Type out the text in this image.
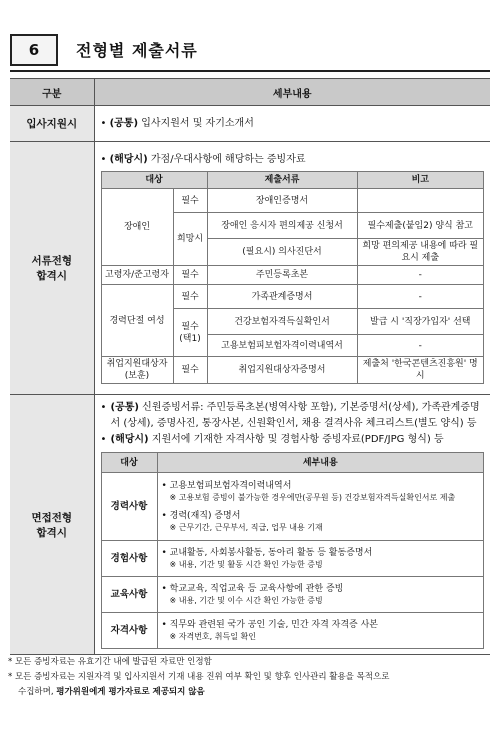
6	전형별 제출서류
구분	세부내용
입사지원시	• (공통) 입사지원서 및 자기소개서

서류전형
합격시

• (해당시) 가점/우대사항에 해당하는 증빙자료
대상	제출서류	비고
장애인	필수	장애인증명서	
희망시	장애인 응시자 편의제공 신청서	필수제출(붙임2) 양식 참고
(필요시) 의사진단서	희망 편의제공 내용에 따라 필요시 제출
고령자/준고령자	필수	주민등록초본	-
경력단절 여성	필수	가족관계증명서	-
필수 (택1)	건강보험자격득실확인서	발급 시 '직장가입자' 선택
고용보험피보험자격이력내역서	-
취업지원대상자 (보훈)	필수	취업지원대상자증명서	제출처 '한국콘텐츠진흥원' 명시

면접전형
합격시

• (공통) 신원증빙서류: 주민등록초본(병역사항 포함), 기본증명서(상세), 가족관계증명서 (상세), 증명사진, 통장사본, 신원확인서, 채용 결격사유 체크리스트(별도 양식) 등
• (해당시) 지원서에 기재한 자격사항 및 경험사항 증빙자료(PDF/JPG 형식) 등
대상	세부내용
경력사항	
• 고용보험피보험자격이력내역서
※ 고용보험 증빙이 불가능한 경우에만(공무원 등) 건강보험자격득실확인서로 제출
• 경력(재직) 증명서
※ 근무기간, 근무부서, 직급, 업무 내용 기재

경험사항	• 교내활동, 사회봉사활동, 동아리 활동 등 활동증명서
※ 내용, 기간 및 활동 시간 확인 가능한 증빙

교육사항	• 학교교육, 직업교육 등 교육사항에 관한 증빙
※ 내용, 기간 및 이수 시간 확인 가능한 증빙

자격사항	• 직무와 관련된 국가 공인 기술, 민간 자격 자격증 사본
※ 자격번호, 취득일 확인
* 모든 증빙자료는 유효기간 내에 발급된 자료만 인정함
* 모든 증빙자료는 지원자격 및 입사지원서 기재 내용 진위 여부 확인 및 향후 인사관리 활용을 목적으로
수집하며, 평가위원에게 평가자료로 제공되지 않음
